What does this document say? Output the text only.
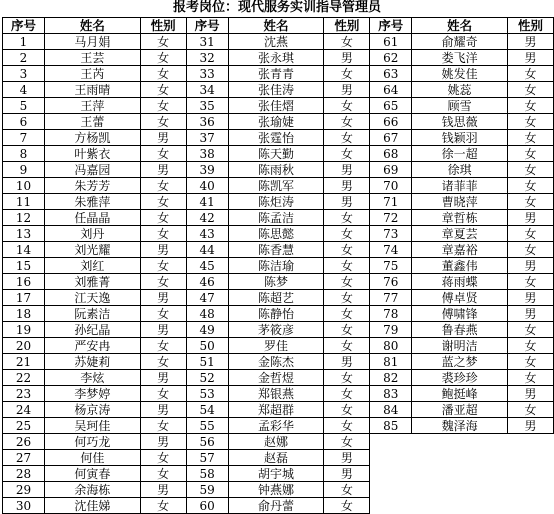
报考岗位：现代服务实训指导管理员
序号	姓名	性别	序号	姓名	性别	序号	姓名	性别
1	马月娟	女	31	沈燕	女	61	俞耀奇	男
2	王芸	女	32	张永琪	男	62	娄飞洋	男
3	王芮	女	33	张青青	女	63	姚发佳	女
4	王雨晴	女	34	张佳涛	男	64	姚蕊	女
5	王萍	女	35	张佳熠	女	65	顾雪	女
6	王蕾	女	36	张瑜婕	女	66	钱思薇	女
7	方杨凯	男	37	张霆怡	女	67	钱颖羽	女
8	叶紫衣	女	38	陈天勤	女	68	徐一超	女
9	冯嘉园	男	39	陈雨秋	男	69	徐琪	女
10	朱芳芳	女	40	陈凯军	男	70	诸菲菲	女
11	朱雅萍	女	41	陈炬涛	男	71	曹晓萍	女
12	任晶晶	女	42	陈孟洁	女	72	章哲栋	男
13	刘丹	女	43	陈思懿	女	73	章夏芸	女
14	刘光耀	男	44	陈香慧	女	74	章嘉裕	女
15	刘红	女	45	陈洁瑜	女	75	董鑫伟	男
16	刘雅菁	女	46	陈梦	女	76	蒋雨蝶	女
17	江天逸	男	47	陈超艺	女	77	傅卓贤	男
18	阮素洁	女	48	陈静怡	女	78	傅啸锋	男
19	孙纪晶	男	49	茅筱彦	女	79	鲁春燕	女
20	严安冉	女	50	罗佳	女	80	谢明洁	女
21	苏婕莉	女	51	金陈杰	男	81	蓝之梦	女
22	李炫	男	52	金哲煜	女	82	裘珍珍	女
23	李梦婷	女	53	郑银燕	女	83	鲍挺峰	男
24	杨京涛	男	54	郑超群	女	84	潘亚超	女
25	吴珂佳	女	55	孟彩华	女	85	魏泽海	男
26	何巧龙	男	56	赵娜	女			
27	何佳	女	57	赵磊	男			
28	何寅春	女	58	胡宇城	男			
29	余海栋	男	59	钟燕娜	女			
30	沈佳娣	女	60	俞丹蕾	女			
